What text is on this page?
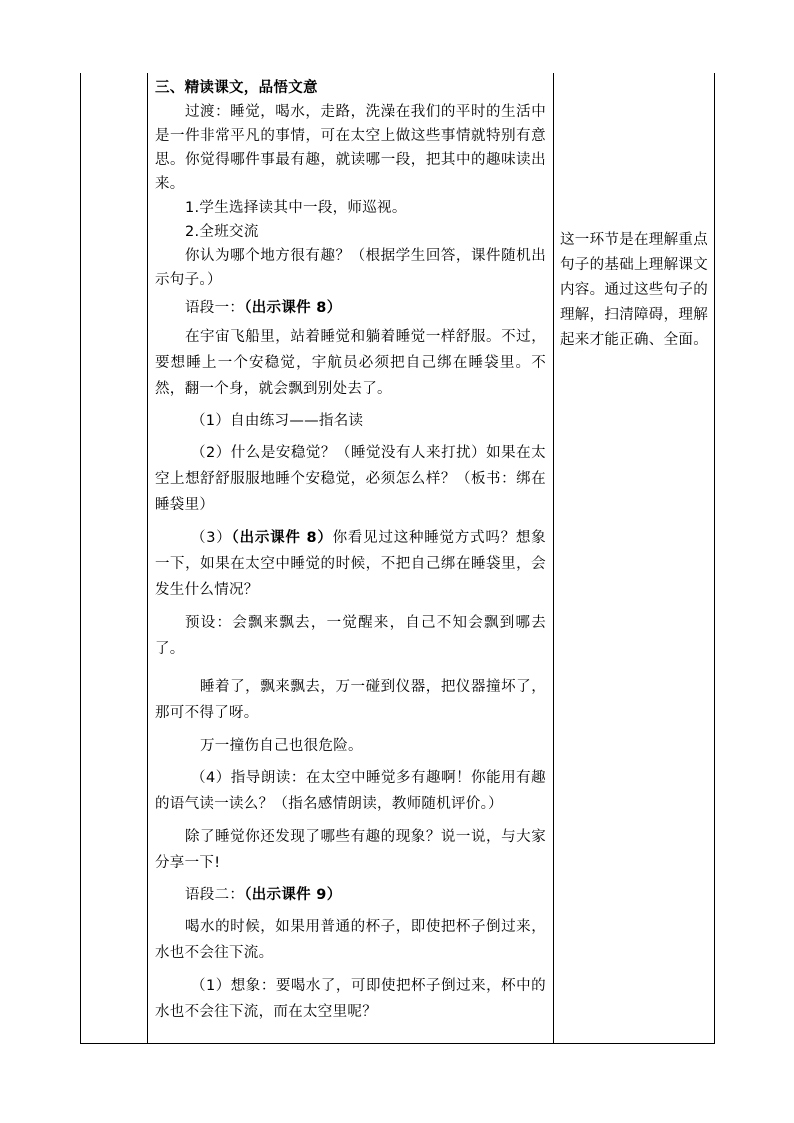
三、精读课文，品悟文意

过渡：睡觉，喝水，走路，洗澡在我们的平时的生活中是一件非常平凡的事情，可在太空上做这些事情就特别有意思。你觉得哪件事最有趣，就读哪一段，把其中的趣味读出来。

1.学生选择读其中一段，师巡视。

2.全班交流

你认为哪个地方很有趣？（根据学生回答，课件随机出示句子。）

语段一：（出示课件 8）

在宇宙飞船里，站着睡觉和躺着睡觉一样舒服。不过，要想睡上一个安稳觉，宇航员必须把自己绑在睡袋里。不然，翻一个身，就会飘到别处去了。

（1）自由练习——指名读

（2）什么是安稳觉？（睡觉没有人来打扰）如果在太空上想舒舒服服地睡个安稳觉，必须怎么样？（板书：绑在睡袋里）

（3）（出示课件 8）你看见过这种睡觉方式吗？想象一下，如果在太空中睡觉的时候，不把自己绑在睡袋里，会发生什么情况？

预设：会飘来飘去，一觉醒来，自己不知会飘到哪去了。

睡着了，飘来飘去，万一碰到仪器，把仪器撞坏了，那可不得了呀。

万一撞伤自己也很危险。

（4）指导朗读：在太空中睡觉多有趣啊！你能用有趣的语气读一读么？（指名感情朗读，教师随机评价。）

除了睡觉你还发现了哪些有趣的现象？说一说，与大家分享一下!

语段二：（出示课件 9）

喝水的时候，如果用普通的杯子，即使把杯子倒过来，水也不会往下流。

（1）想象：要喝水了，可即使把杯子倒过来，杯中的水也不会往下流，而在太空里呢？

这一环节是在理解重点句子的基础上理解课文内容。通过这些句子的理解，扫清障碍，理解起来才能正确、全面。
